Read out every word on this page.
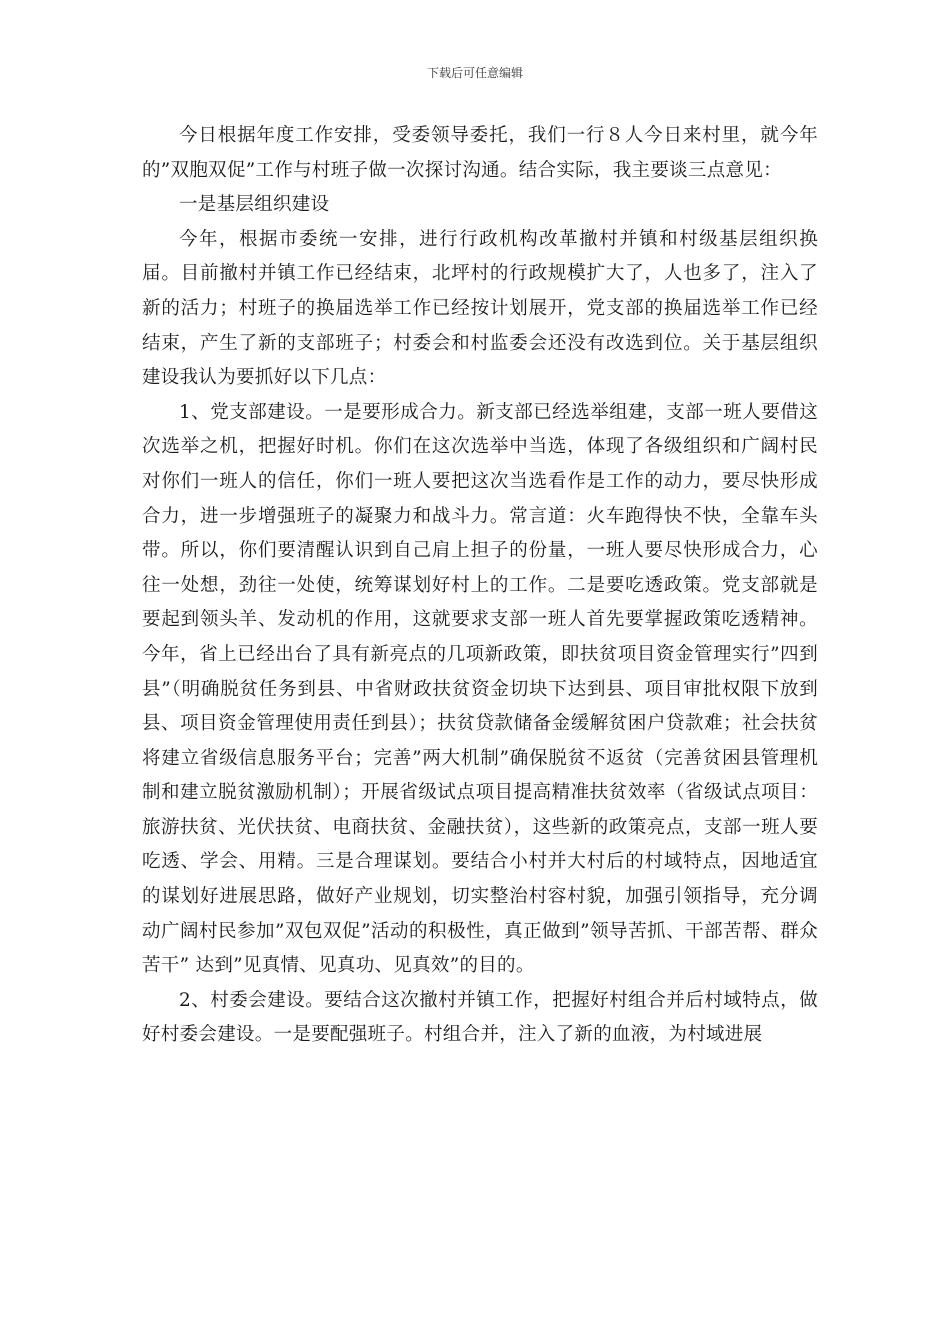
下载后可任意编辑

今日根据年度工作安排，受委领导委托，我们一行８人今日来村里，就今年的”双胞双促”工作与村班子做一次探讨沟通。结合实际，我主要谈三点意见：

一是基层组织建设

今年，根据市委统一安排，进行行政机构改革撤村并镇和村级基层组织换届。目前撤村并镇工作已经结束，北坪村的行政规模扩大了，人也多了，注入了新的活力；村班子的换届选举工作已经按计划展开，党支部的换届选举工作已经结束，产生了新的支部班子；村委会和村监委会还没有改选到位。关于基层组织建设我认为要抓好以下几点：

1、党支部建设。一是要形成合力。新支部已经选举组建，支部一班人要借这次选举之机，把握好时机。你们在这次选举中当选，体现了各级组织和广阔村民对你们一班人的信任，你们一班人要把这次当选看作是工作的动力，要尽快形成合力，进一步增强班子的凝聚力和战斗力。常言道：火车跑得快不快，全靠车头带。所以，你们要清醒认识到自己肩上担子的份量，一班人要尽快形成合力，心往一处想，劲往一处使，统筹谋划好村上的工作。二是要吃透政策。党支部就是要起到领头羊、发动机的作用，这就要求支部一班人首先要掌握政策吃透精神。今年，省上已经出台了具有新亮点的几项新政策，即扶贫项目资金管理实行”四到县”（明确脱贫任务到县、中省财政扶贫资金切块下达到县、项目审批权限下放到县、项目资金管理使用责任到县）；扶贫贷款储备金缓解贫困户贷款难；社会扶贫将建立省级信息服务平台；完善”两大机制”确保脱贫不返贫（完善贫困县管理机制和建立脱贫激励机制）；开展省级试点项目提高精准扶贫效率（省级试点项目：旅游扶贫、光伏扶贫、电商扶贫、金融扶贫），这些新的政策亮点，支部一班人要吃透、学会、用精。三是合理谋划。要结合小村并大村后的村域特点，因地适宜的谋划好进展思路，做好产业规划，切实整治村容村貌，加强引领指导，充分调动广阔村民参加”双包双促”活动的积极性，真正做到”领导苦抓、干部苦帮、群众苦干” 达到”见真情、见真功、见真效”的目的。

2、村委会建设。要结合这次撤村并镇工作，把握好村组合并后村域特点，做好村委会建设。一是要配强班子。村组合并，注入了新的血液，为村域进展
